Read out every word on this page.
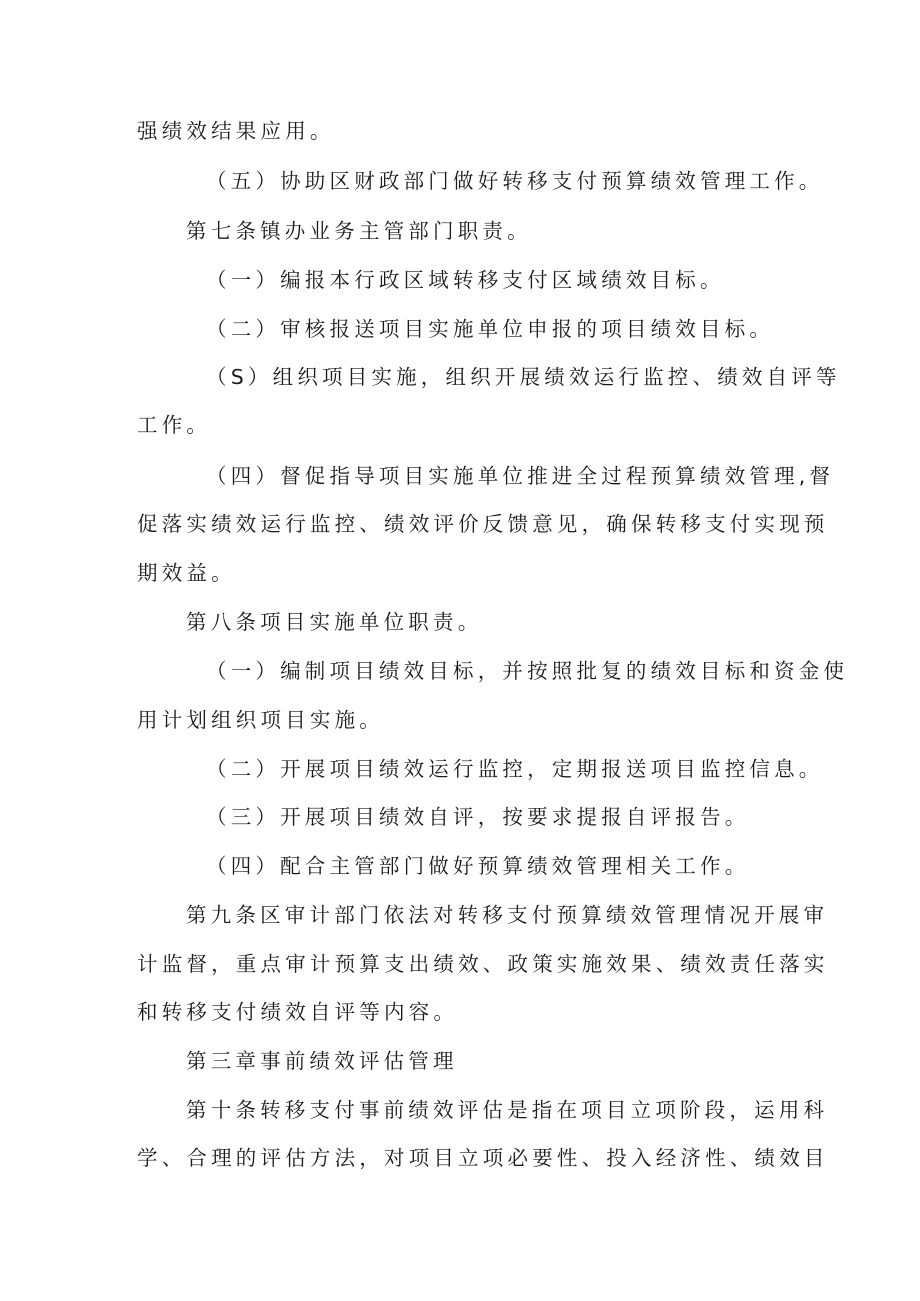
强绩效结果应用。
（五）协助区财政部门做好转移支付预算绩效管理工作。
第七条镇办业务主管部门职责。
（一）编报本行政区域转移支付区域绩效目标。
（二）审核报送项目实施单位申报的项目绩效目标。
（S）组织项目实施，组织开展绩效运行监控、绩效自评等
工作。
（四）督促指导项目实施单位推进全过程预算绩效管理,督
促落实绩效运行监控、绩效评价反馈意见，确保转移支付实现预
期效益。
第八条项目实施单位职责。
（一）编制项目绩效目标，并按照批复的绩效目标和资金使
用计划组织项目实施。
（二）开展项目绩效运行监控，定期报送项目监控信息。
（三）开展项目绩效自评，按要求提报自评报告。
（四）配合主管部门做好预算绩效管理相关工作。
第九条区审计部门依法对转移支付预算绩效管理情况开展审
计监督，重点审计预算支出绩效、政策实施效果、绩效责任落实
和转移支付绩效自评等内容。
第三章事前绩效评估管理
第十条转移支付事前绩效评估是指在项目立项阶段，运用科
学、合理的评估方法，对项目立项必要性、投入经济性、绩效目
